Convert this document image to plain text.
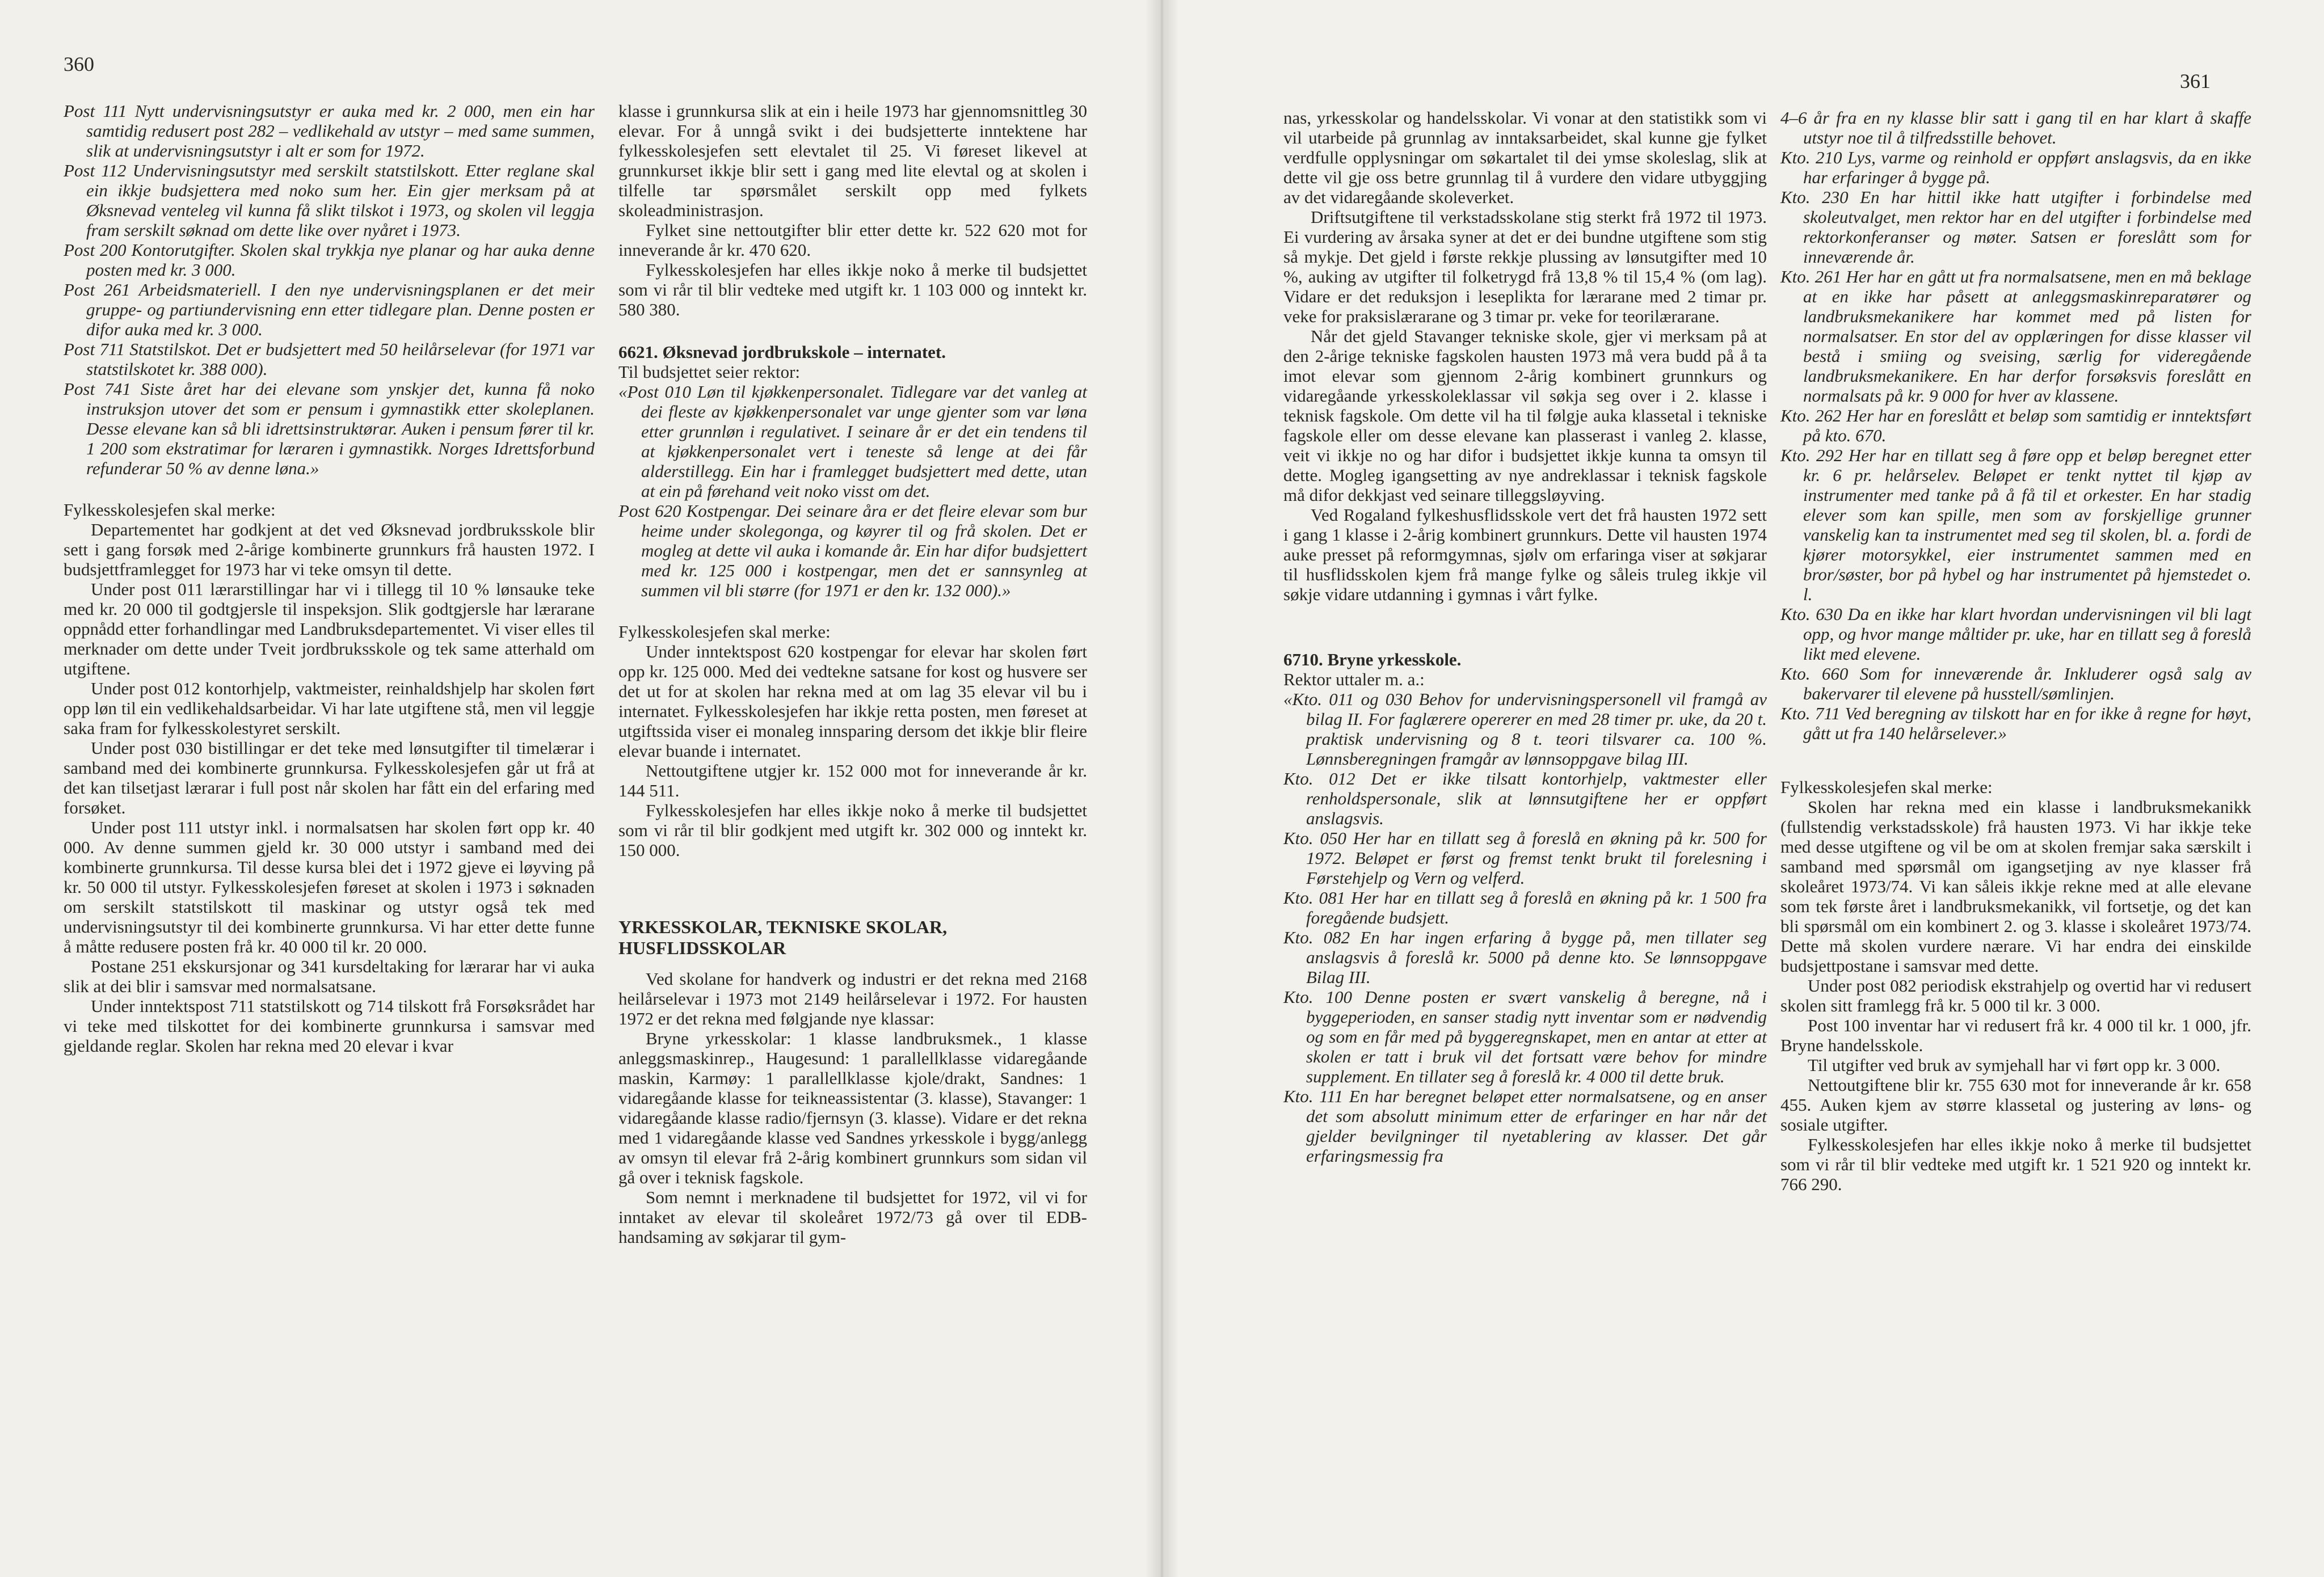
360

Post 111 Nytt undervisningsutstyr er auka med kr. 2 000, men ein har samtidig redusert post 282 – vedlikehald av utstyr – med same summen, slik at undervisningsutstyr i alt er som for 1972.

Post 112 Undervisningsutstyr med serskilt statstilskott. Etter reglane skal ein ikkje budsjettera med noko sum her. Ein gjer merksam på at Øksnevad venteleg vil kunna få slikt tilskot i 1973, og skolen vil leggja fram serskilt søknad om dette like over nyåret i 1973.

Post 200 Kontorutgifter. Skolen skal trykkja nye planar og har auka denne posten med kr. 3 000.

Post 261 Arbeidsmateriell. I den nye undervisningsplanen er det meir gruppe- og partiundervisning enn etter tidlegare plan. Denne posten er difor auka med kr. 3 000.

Post 711 Statstilskot. Det er budsjettert med 50 heilårselevar (for 1971 var statstilskotet kr. 388 000).

Post 741 Siste året har dei elevane som ynskjer det, kunna få noko instruksjon utover det som er pensum i gymnastikk etter skoleplanen. Desse elevane kan så bli idrettsinstruktørar. Auken i pensum fører til kr. 1 200 som ekstratimar for læraren i gymnastikk. Norges Idrettsforbund refunderar 50 % av denne løna.»

Fylkesskolesjefen skal merke:

Departementet har godkjent at det ved Øksnevad jordbruksskole blir sett i gang forsøk med 2-årige kombinerte grunnkurs frå hausten 1972. I budsjettframlegget for 1973 har vi teke omsyn til dette.

Under post 011 lærarstillingar har vi i tillegg til 10 % lønsauke teke med kr. 20 000 til godtgjersle til inspeksjon. Slik godtgjersle har lærarane oppnådd etter forhandlingar med Landbruksdepartementet. Vi viser elles til merknader om dette under Tveit jordbruksskole og tek same atterhald om utgiftene.

Under post 012 kontorhjelp, vaktmeister, reinhaldshjelp har skolen ført opp løn til ein vedlikehaldsarbeidar. Vi har late utgiftene stå, men vil leggje saka fram for fylkesskolestyret serskilt.

Under post 030 bistillingar er det teke med lønsutgifter til timelærar i samband med dei kombinerte grunnkursa. Fylkesskolesjefen går ut frå at det kan tilsetjast lærarar i full post når skolen har fått ein del erfaring med forsøket.

Under post 111 utstyr inkl. i normalsatsen har skolen ført opp kr. 40 000. Av denne summen gjeld kr. 30 000 utstyr i samband med dei kombinerte grunnkursa. Til desse kursa blei det i 1972 gjeve ei løyving på kr. 50 000 til utstyr. Fylkesskolesjefen føreset at skolen i 1973 i søknaden om serskilt statstilskott til maskinar og utstyr også tek med undervisningsutstyr til dei kombinerte grunnkursa. Vi har etter dette funne å måtte redusere posten frå kr. 40 000 til kr. 20 000.

Postane 251 ekskursjonar og 341 kursdeltaking for lærarar har vi auka slik at dei blir i samsvar med normalsatsane.

Under inntektspost 711 statstilskott og 714 tilskott frå Forsøksrådet har vi teke med tilskottet for dei kombinerte grunnkursa i samsvar med gjeldande reglar. Skolen har rekna med 20 elevar i kvar

klasse i grunnkursa slik at ein i heile 1973 har gjennomsnittleg 30 elevar. For å unngå svikt i dei budsjetterte inntektene har fylkesskolesjefen sett elevtalet til 25. Vi føreset likevel at grunnkurset ikkje blir sett i gang med lite elevtal og at skolen i tilfelle tar spørsmålet serskilt opp med fylkets skoleadministrasjon.

Fylket sine nettoutgifter blir etter dette kr. 522 620 mot for inneverande år kr. 470 620.

Fylkesskolesjefen har elles ikkje noko å merke til budsjettet som vi rår til blir vedteke med utgift kr. 1 103 000 og inntekt kr. 580 380.

6621. Øksnevad jordbrukskole – internatet.

Til budsjettet seier rektor:

«Post 010 Løn til kjøkkenpersonalet. Tidlegare var det vanleg at dei fleste av kjøkkenpersonalet var unge gjenter som var løna etter grunnløn i regulativet. I seinare år er det ein tendens til at kjøkkenpersonalet vert i teneste så lenge at dei får alderstillegg. Ein har i framlegget budsjettert med dette, utan at ein på førehand veit noko visst om det.

Post 620 Kostpengar. Dei seinare åra er det fleire elevar som bur heime under skolegonga, og køyrer til og frå skolen. Det er mogleg at dette vil auka i komande år. Ein har difor budsjettert med kr. 125 000 i kostpengar, men det er sannsynleg at summen vil bli større (for 1971 er den kr. 132 000).»

Fylkesskolesjefen skal merke:

Under inntektspost 620 kostpengar for elevar har skolen ført opp kr. 125 000. Med dei vedtekne satsane for kost og husvere ser det ut for at skolen har rekna med at om lag 35 elevar vil bu i internatet. Fylkesskolesjefen har ikkje retta posten, men føreset at utgiftssida viser ei monaleg innsparing dersom det ikkje blir fleire elevar buande i internatet.

Nettoutgiftene utgjer kr. 152 000 mot for inneverande år kr. 144 511.

Fylkesskolesjefen har elles ikkje noko å merke til budsjettet som vi rår til blir godkjent med utgift kr. 302 000 og inntekt kr. 150 000.

YRKESSKOLAR, TEKNISKE SKOLAR, HUSFLIDSSKOLAR

Ved skolane for handverk og industri er det rekna med 2168 heilårselevar i 1973 mot 2149 heilårselevar i 1972. For hausten 1972 er det rekna med følgjande nye klassar:

Bryne yrkesskolar: 1 klasse landbruksmek., 1 klasse anleggsmaskinrep., Haugesund: 1 parallellklasse vidaregåande maskin, Karmøy: 1 parallellklasse kjole/drakt, Sandnes: 1 vidaregåande klasse for teikneassistentar (3. klasse), Stavanger: 1 vidaregåande klasse radio/fjernsyn (3. klasse). Vidare er det rekna med 1 vidaregåande klasse ved Sandnes yrkesskole i bygg/anlegg av omsyn til elevar frå 2-årig kombinert grunnkurs som sidan vil gå over i teknisk fagskole.

Som nemnt i merknadene til budsjettet for 1972, vil vi for inntaket av elevar til skoleåret 1972/73 gå over til EDB-handsaming av søkjarar til gym-

361

nas, yrkesskolar og handelsskolar. Vi vonar at den statistikk som vi vil utarbeide på grunnlag av inntaksarbeidet, skal kunne gje fylket verdfulle opplysningar om søkartalet til dei ymse skoleslag, slik at dette vil gje oss betre grunnlag til å vurdere den vidare utbyggjing av det vidaregåande skoleverket.

Driftsutgiftene til verkstadsskolane stig sterkt frå 1972 til 1973. Ei vurdering av årsaka syner at det er dei bundne utgiftene som stig så mykje. Det gjeld i første rekkje plussing av lønsutgifter med 10 %, auking av utgifter til folketrygd frå 13,8 % til 15,4 % (om lag). Vidare er det reduksjon i leseplikta for lærarane med 2 timar pr. veke for praksislærarane og 3 timar pr. veke for teorilærarane.

Når det gjeld Stavanger tekniske skole, gjer vi merksam på at den 2-årige tekniske fagskolen hausten 1973 må vera budd på å ta imot elevar som gjennom 2-årig kombinert grunnkurs og vidaregåande yrkesskoleklassar vil søkja seg over i 2. klasse i teknisk fagskole. Om dette vil ha til følgje auka klassetal i tekniske fagskole eller om desse elevane kan plasserast i vanleg 2. klasse, veit vi ikkje no og har difor i budsjettet ikkje kunna ta omsyn til dette. Mogleg igangsetting av nye andreklassar i teknisk fagskole må difor dekkjast ved seinare tilleggsløyving.

Ved Rogaland fylkeshusflidsskole vert det frå hausten 1972 sett i gang 1 klasse i 2-årig kombinert grunnkurs. Dette vil hausten 1974 auke presset på reformgymnas, sjølv om erfaringa viser at søkjarar til husflidsskolen kjem frå mange fylke og såleis truleg ikkje vil søkje vidare utdanning i gymnas i vårt fylke.

6710. Bryne yrkesskole.

Rektor uttaler m. a.:

«Kto. 011 og 030 Behov for undervisningspersonell vil framgå av bilag II. For faglærere opererer en med 28 timer pr. uke, da 20 t. praktisk undervisning og 8 t. teori tilsvarer ca. 100 %. Lønnsberegningen framgår av lønnsoppgave bilag III.

Kto. 012 Det er ikke tilsatt kontorhjelp, vaktmester eller renholdspersonale, slik at lønnsutgiftene her er oppført anslagsvis.

Kto. 050 Her har en tillatt seg å foreslå en økning på kr. 500 for 1972. Beløpet er først og fremst tenkt brukt til forelesning i Førstehjelp og Vern og velferd.

Kto. 081 Her har en tillatt seg å foreslå en økning på kr. 1 500 fra foregående budsjett.

Kto. 082 En har ingen erfaring å bygge på, men tillater seg anslagsvis å foreslå kr. 5000 på denne kto. Se lønnsoppgave Bilag III.

Kto. 100 Denne posten er svært vanskelig å beregne, nå i byggeperioden, en sanser stadig nytt inventar som er nødvendig og som en får med på byggeregnskapet, men en antar at etter at skolen er tatt i bruk vil det fortsatt være behov for mindre supplement. En tillater seg å foreslå kr. 4 000 til dette bruk.

Kto. 111 En har beregnet beløpet etter normalsatsene, og en anser det som absolutt minimum etter de erfaringer en har når det gjelder bevilgninger til nyetablering av klasser. Det går erfaringsmessig fra

4–6 år fra en ny klasse blir satt i gang til en har klart å skaffe utstyr noe til å tilfredsstille behovet.

Kto. 210 Lys, varme og reinhold er oppført anslagsvis, da en ikke har erfaringer å bygge på.

Kto. 230 En har hittil ikke hatt utgifter i forbindelse med skoleutvalget, men rektor har en del utgifter i forbindelse med rektorkonferanser og møter. Satsen er foreslått som for inneværende år.

Kto. 261 Her har en gått ut fra normalsatsene, men en må beklage at en ikke har påsett at anleggsmaskinreparatører og landbruksmekanikere har kommet med på listen for normalsatser. En stor del av opplæringen for disse klasser vil bestå i smiing og sveising, særlig for videregående landbruksmekanikere. En har derfor forsøksvis foreslått en normalsats på kr. 9 000 for hver av klassene.

Kto. 262 Her har en foreslått et beløp som samtidig er inntektsført på kto. 670.

Kto. 292 Her har en tillatt seg å føre opp et beløp beregnet etter kr. 6 pr. helårselev. Beløpet er tenkt nyttet til kjøp av instrumenter med tanke på å få til et orkester. En har stadig elever som kan spille, men som av forskjellige grunner vanskelig kan ta instrumentet med seg til skolen, bl. a. fordi de kjører motorsykkel, eier instrumentet sammen med en bror/søster, bor på hybel og har instrumentet på hjemstedet o. l.

Kto. 630 Da en ikke har klart hvordan undervisningen vil bli lagt opp, og hvor mange måltider pr. uke, har en tillatt seg å foreslå likt med elevene.

Kto. 660 Som for inneværende år. Inkluderer også salg av bakervarer til elevene på husstell/sømlinjen.

Kto. 711 Ved beregning av tilskott har en for ikke å regne for høyt, gått ut fra 140 helårselever.»

Fylkesskolesjefen skal merke:

Skolen har rekna med ein klasse i landbruksmekanikk (fullstendig verkstadsskole) frå hausten 1973. Vi har ikkje teke med desse utgiftene og vil be om at skolen fremjar saka særskilt i samband med spørsmål om igangsetjing av nye klasser frå skoleåret 1973/74. Vi kan såleis ikkje rekne med at alle elevane som tek første året i landbruksmekanikk, vil fortsetje, og det kan bli spørsmål om ein kombinert 2. og 3. klasse i skoleåret 1973/74. Dette må skolen vurdere nærare. Vi har endra dei einskilde budsjettpostane i samsvar med dette.

Under post 082 periodisk ekstrahjelp og overtid har vi redusert skolen sitt framlegg frå kr. 5 000 til kr. 3 000.

Post 100 inventar har vi redusert frå kr. 4 000 til kr. 1 000, jfr. Bryne handelsskole.

Til utgifter ved bruk av symjehall har vi ført opp kr. 3 000.

Nettoutgiftene blir kr. 755 630 mot for inneverande år kr. 658 455. Auken kjem av større klassetal og justering av løns- og sosiale utgifter.

Fylkesskolesjefen har elles ikkje noko å merke til budsjettet som vi rår til blir vedteke med utgift kr. 1 521 920 og inntekt kr. 766 290.
